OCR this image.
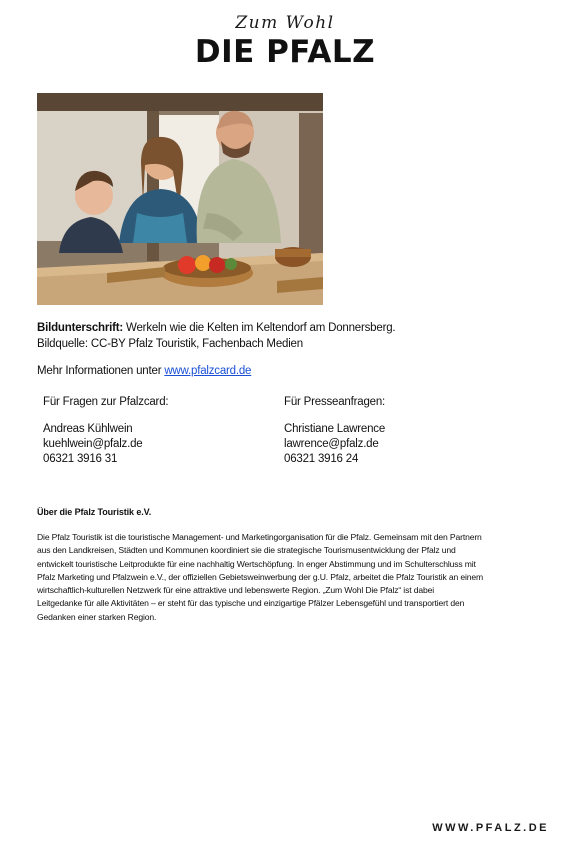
Zum Wohl
DIE PFALZ
Bildunterschrift: Werkeln wie die Kelten im Keltendorf am Donnersberg.
Bildquelle: CC-BY Pfalz Touristik, Fachenbach Medien
Mehr Informationen unter www.pfalzcard.de
Für Fragen zur Pfalzcard:
Andreas Kühlwein
kuehlwein@pfalz.de
06321 3916 31
Für Presseanfragen:
Christiane Lawrence
lawrence@pfalz.de
06321 3916 24
Über die Pfalz Touristik e.V.
Die Pfalz Touristik ist die touristische Management- und Marketingorganisation für die Pfalz. Gemeinsam mit den Partnern
aus den Landkreisen, Städten und Kommunen koordiniert sie die strategische Tourismusentwicklung der Pfalz und
entwickelt touristische Leitprodukte für eine nachhaltig Wertschöpfung. In enger Abstimmung und im Schulterschluss mit
Pfalz Marketing und Pfalzwein e.V., der offiziellen Gebietsweinwerbung der g.U. Pfalz, arbeitet die Pfalz Touristik an einem
wirtschaftlich-kulturellen Netzwerk für eine attraktive und lebenswerte Region. „Zum Wohl Die Pfalz“ ist dabei
Leitgedanke für alle Aktivitäten – er steht für das typische und einzigartige Pfälzer Lebensgefühl und transportiert den
Gedanken einer starken Region.
WWW.PFALZ.DE
